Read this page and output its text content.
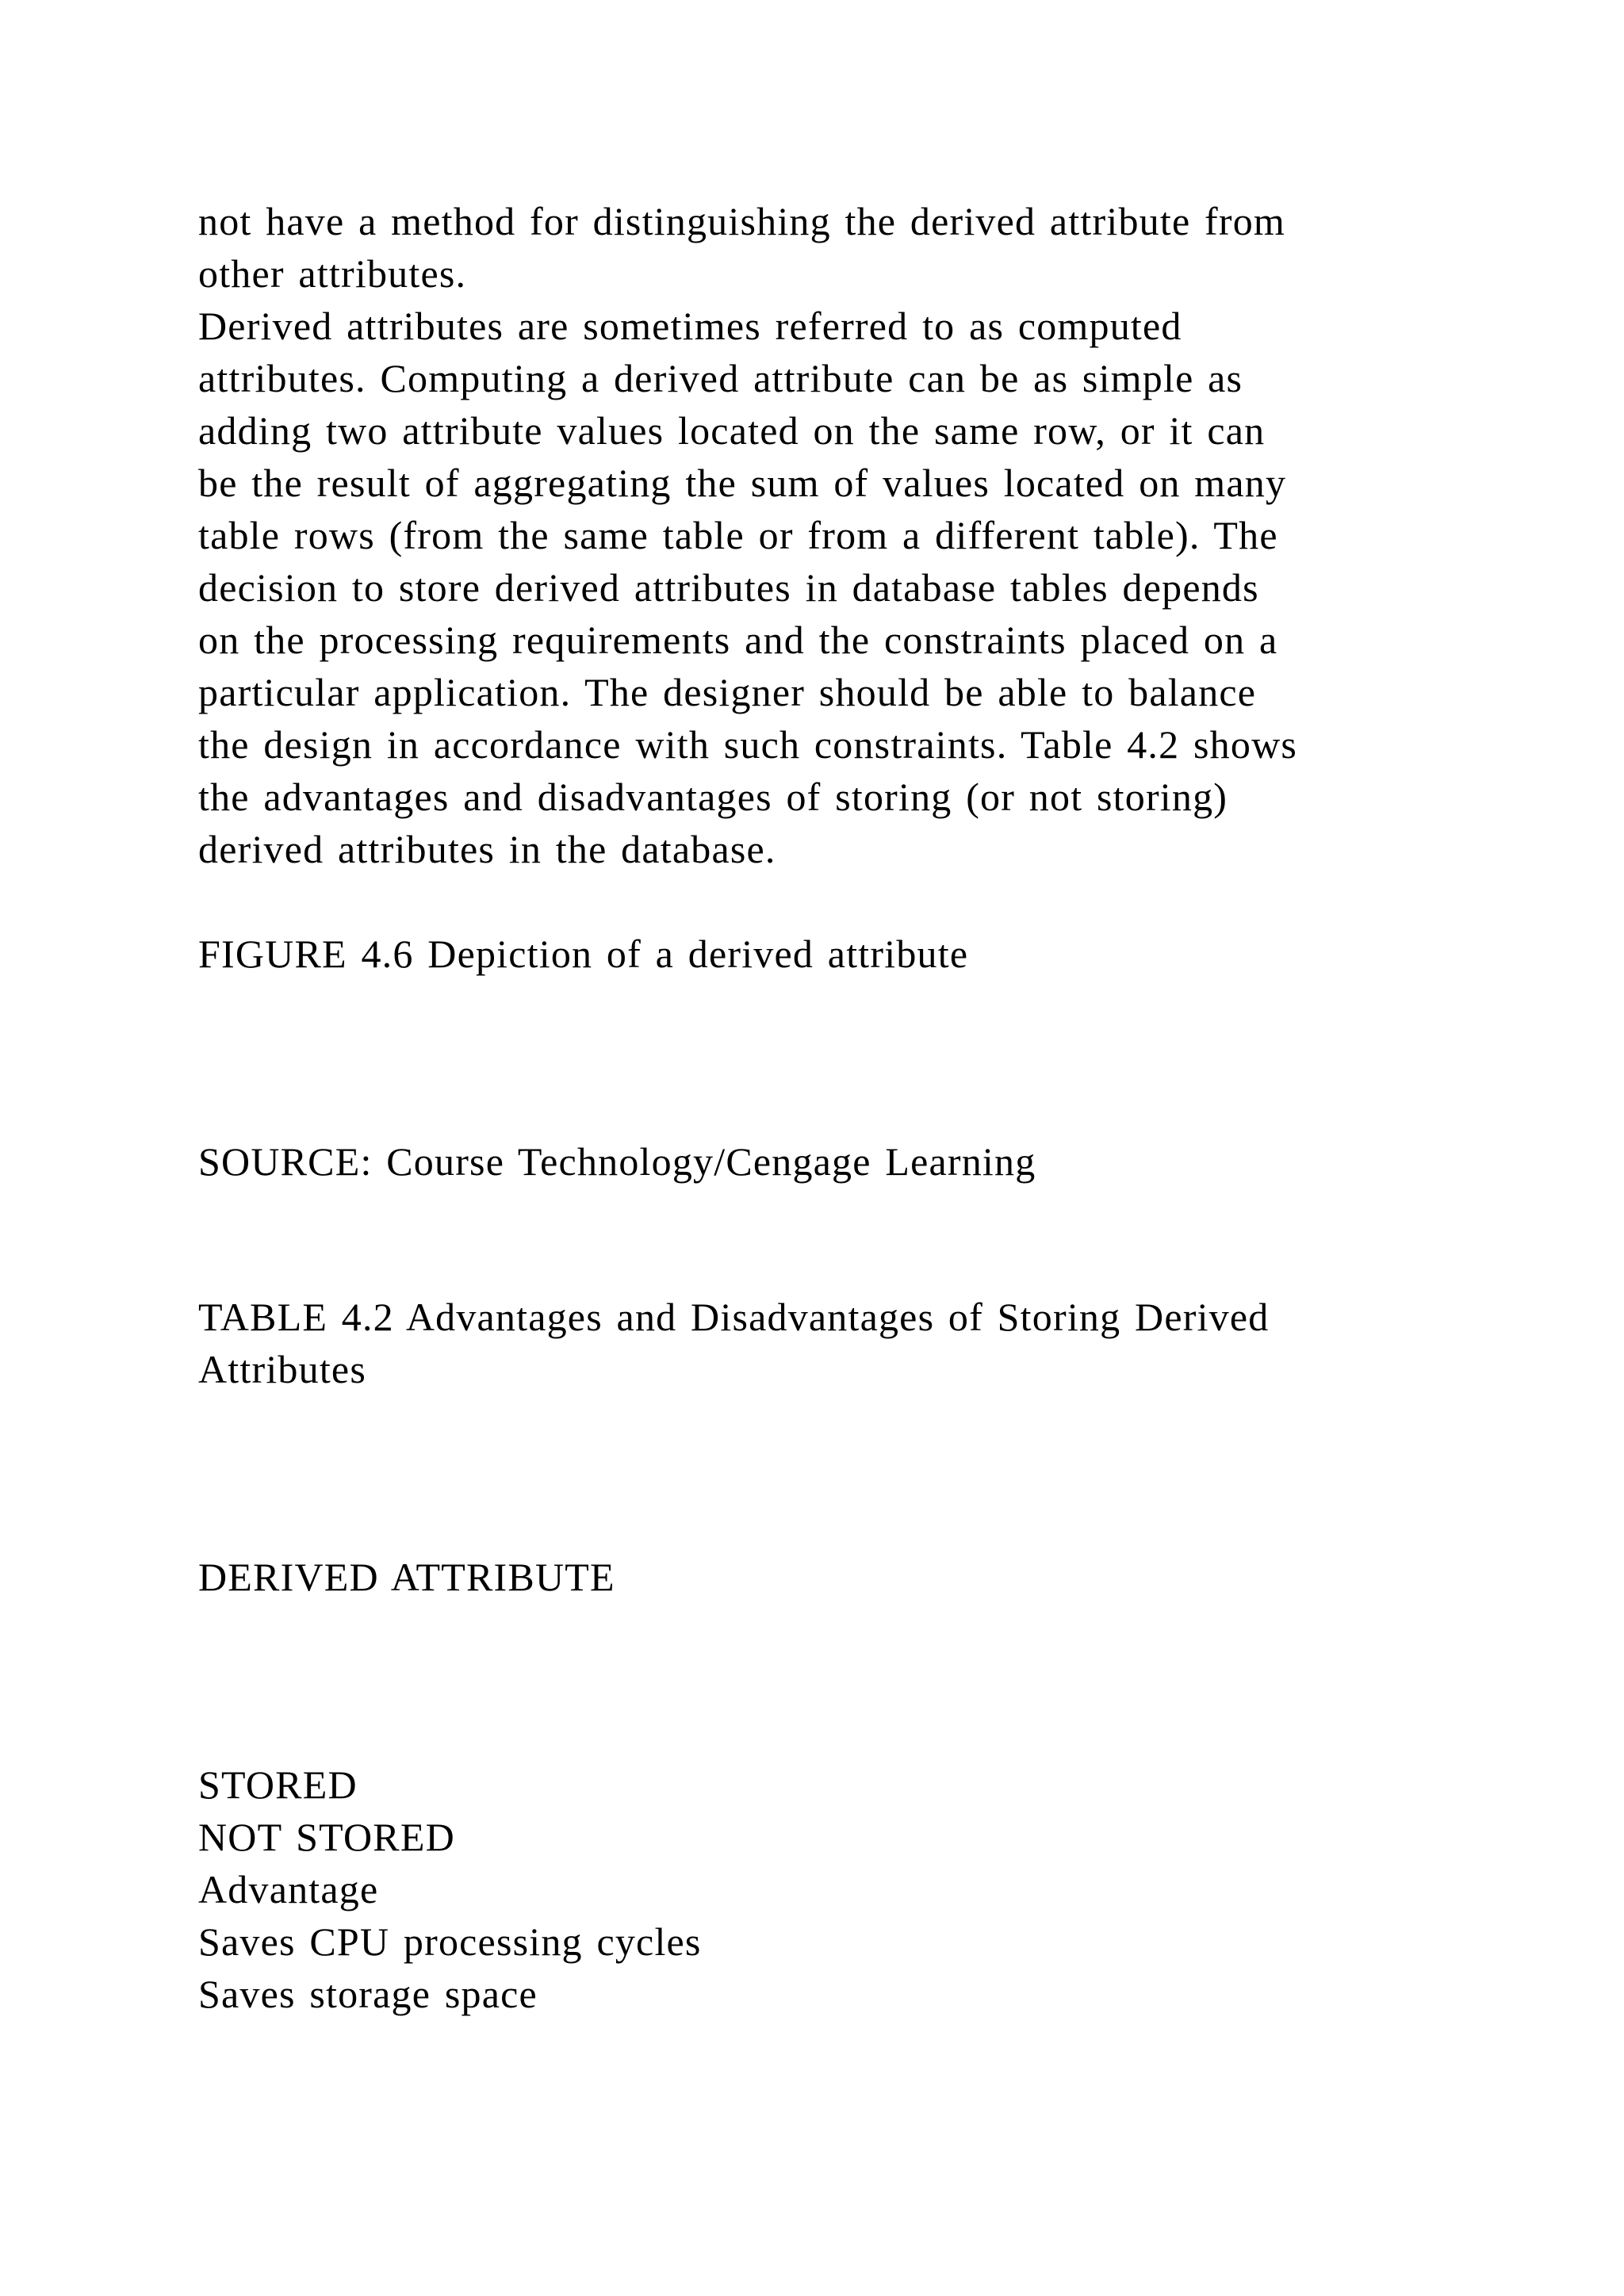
not have a method for distinguishing the derived attribute from

other attributes.

Derived attributes are sometimes referred to as computed

attributes. Computing a derived attribute can be as simple as

adding two attribute values located on the same row, or it can

be the result of aggregating the sum of values located on many

table rows (from the same table or from a different table). The

decision to store derived attributes in database tables depends

on the processing requirements and the constraints placed on a

particular application. The designer should be able to balance

the design in accordance with such constraints. Table 4.2 shows

the advantages and disadvantages of storing (or not storing)

derived attributes in the database.

FIGURE 4.6 Depiction of a derived attribute

SOURCE: Course Technology/Cengage Learning

TABLE 4.2 Advantages and Disadvantages of Storing Derived

Attributes

DERIVED ATTRIBUTE

STORED

NOT STORED

Advantage

Saves CPU processing cycles

Saves storage space
